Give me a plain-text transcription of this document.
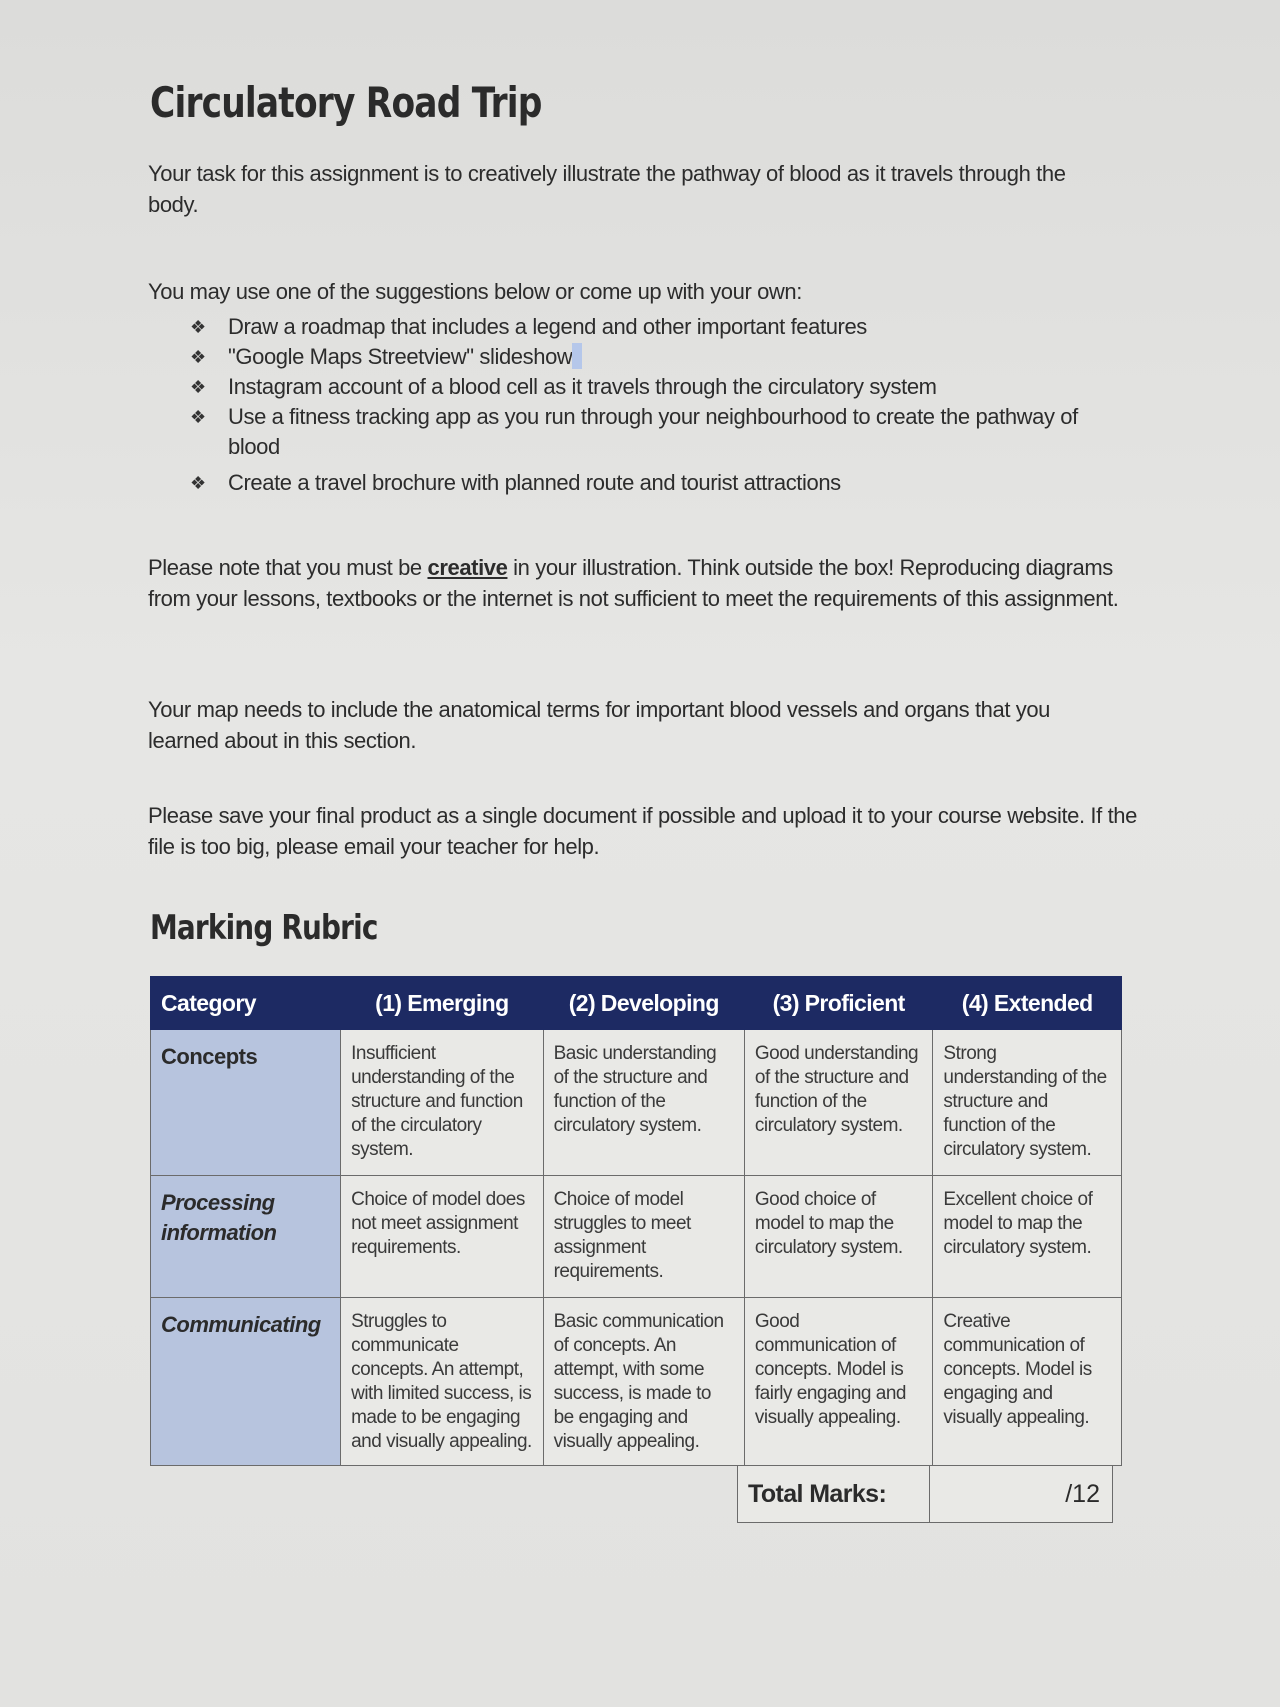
Circulatory Road Trip

Your task for this assignment is to creatively illustrate the pathway of blood as it travels through the body.

You may use one of the suggestions below or come up with your own:

❖ Draw a roadmap that includes a legend and other important features
❖ "Google Maps Streetview" slideshow
❖ Instagram account of a blood cell as it travels through the circulatory system
❖ Use a fitness tracking app as you run through your neighbourhood to create the pathway of blood
❖ Create a travel brochure with planned route and tourist attractions

Please note that you must be creative in your illustration. Think outside the box! Reproducing diagrams from your lessons, textbooks or the internet is not sufficient to meet the requirements of this assignment.

Your map needs to include the anatomical terms for important blood vessels and organs that you learned about in this section.

Please save your final product as a single document if possible and upload it to your course website. If the file is too big, please email your teacher for help.

Marking Rubric
Category	(1) Emerging	(2) Developing	(3) Proficient	(4) Extended
Concepts	Insufficient understanding of the structure and function of the circulatory system.	Basic understanding of the structure and function of the circulatory system.	Good understanding of the structure and function of the circulatory system.	Strong understanding of the structure and function of the circulatory system.
Processing information	Choice of model does not meet assignment requirements.	Choice of model struggles to meet assignment requirements.	Good choice of model to map the circulatory system.	Excellent choice of model to map the circulatory system.
Communicating	Struggles to communicate concepts. An attempt, with limited success, is made to be engaging and visually appealing.	Basic communication of concepts. An attempt, with some success, is made to be engaging and visually appealing.	Good communication of concepts. Model is fairly engaging and visually appealing.	Creative communication of concepts. Model is engaging and visually appealing.
Total Marks:	/12
